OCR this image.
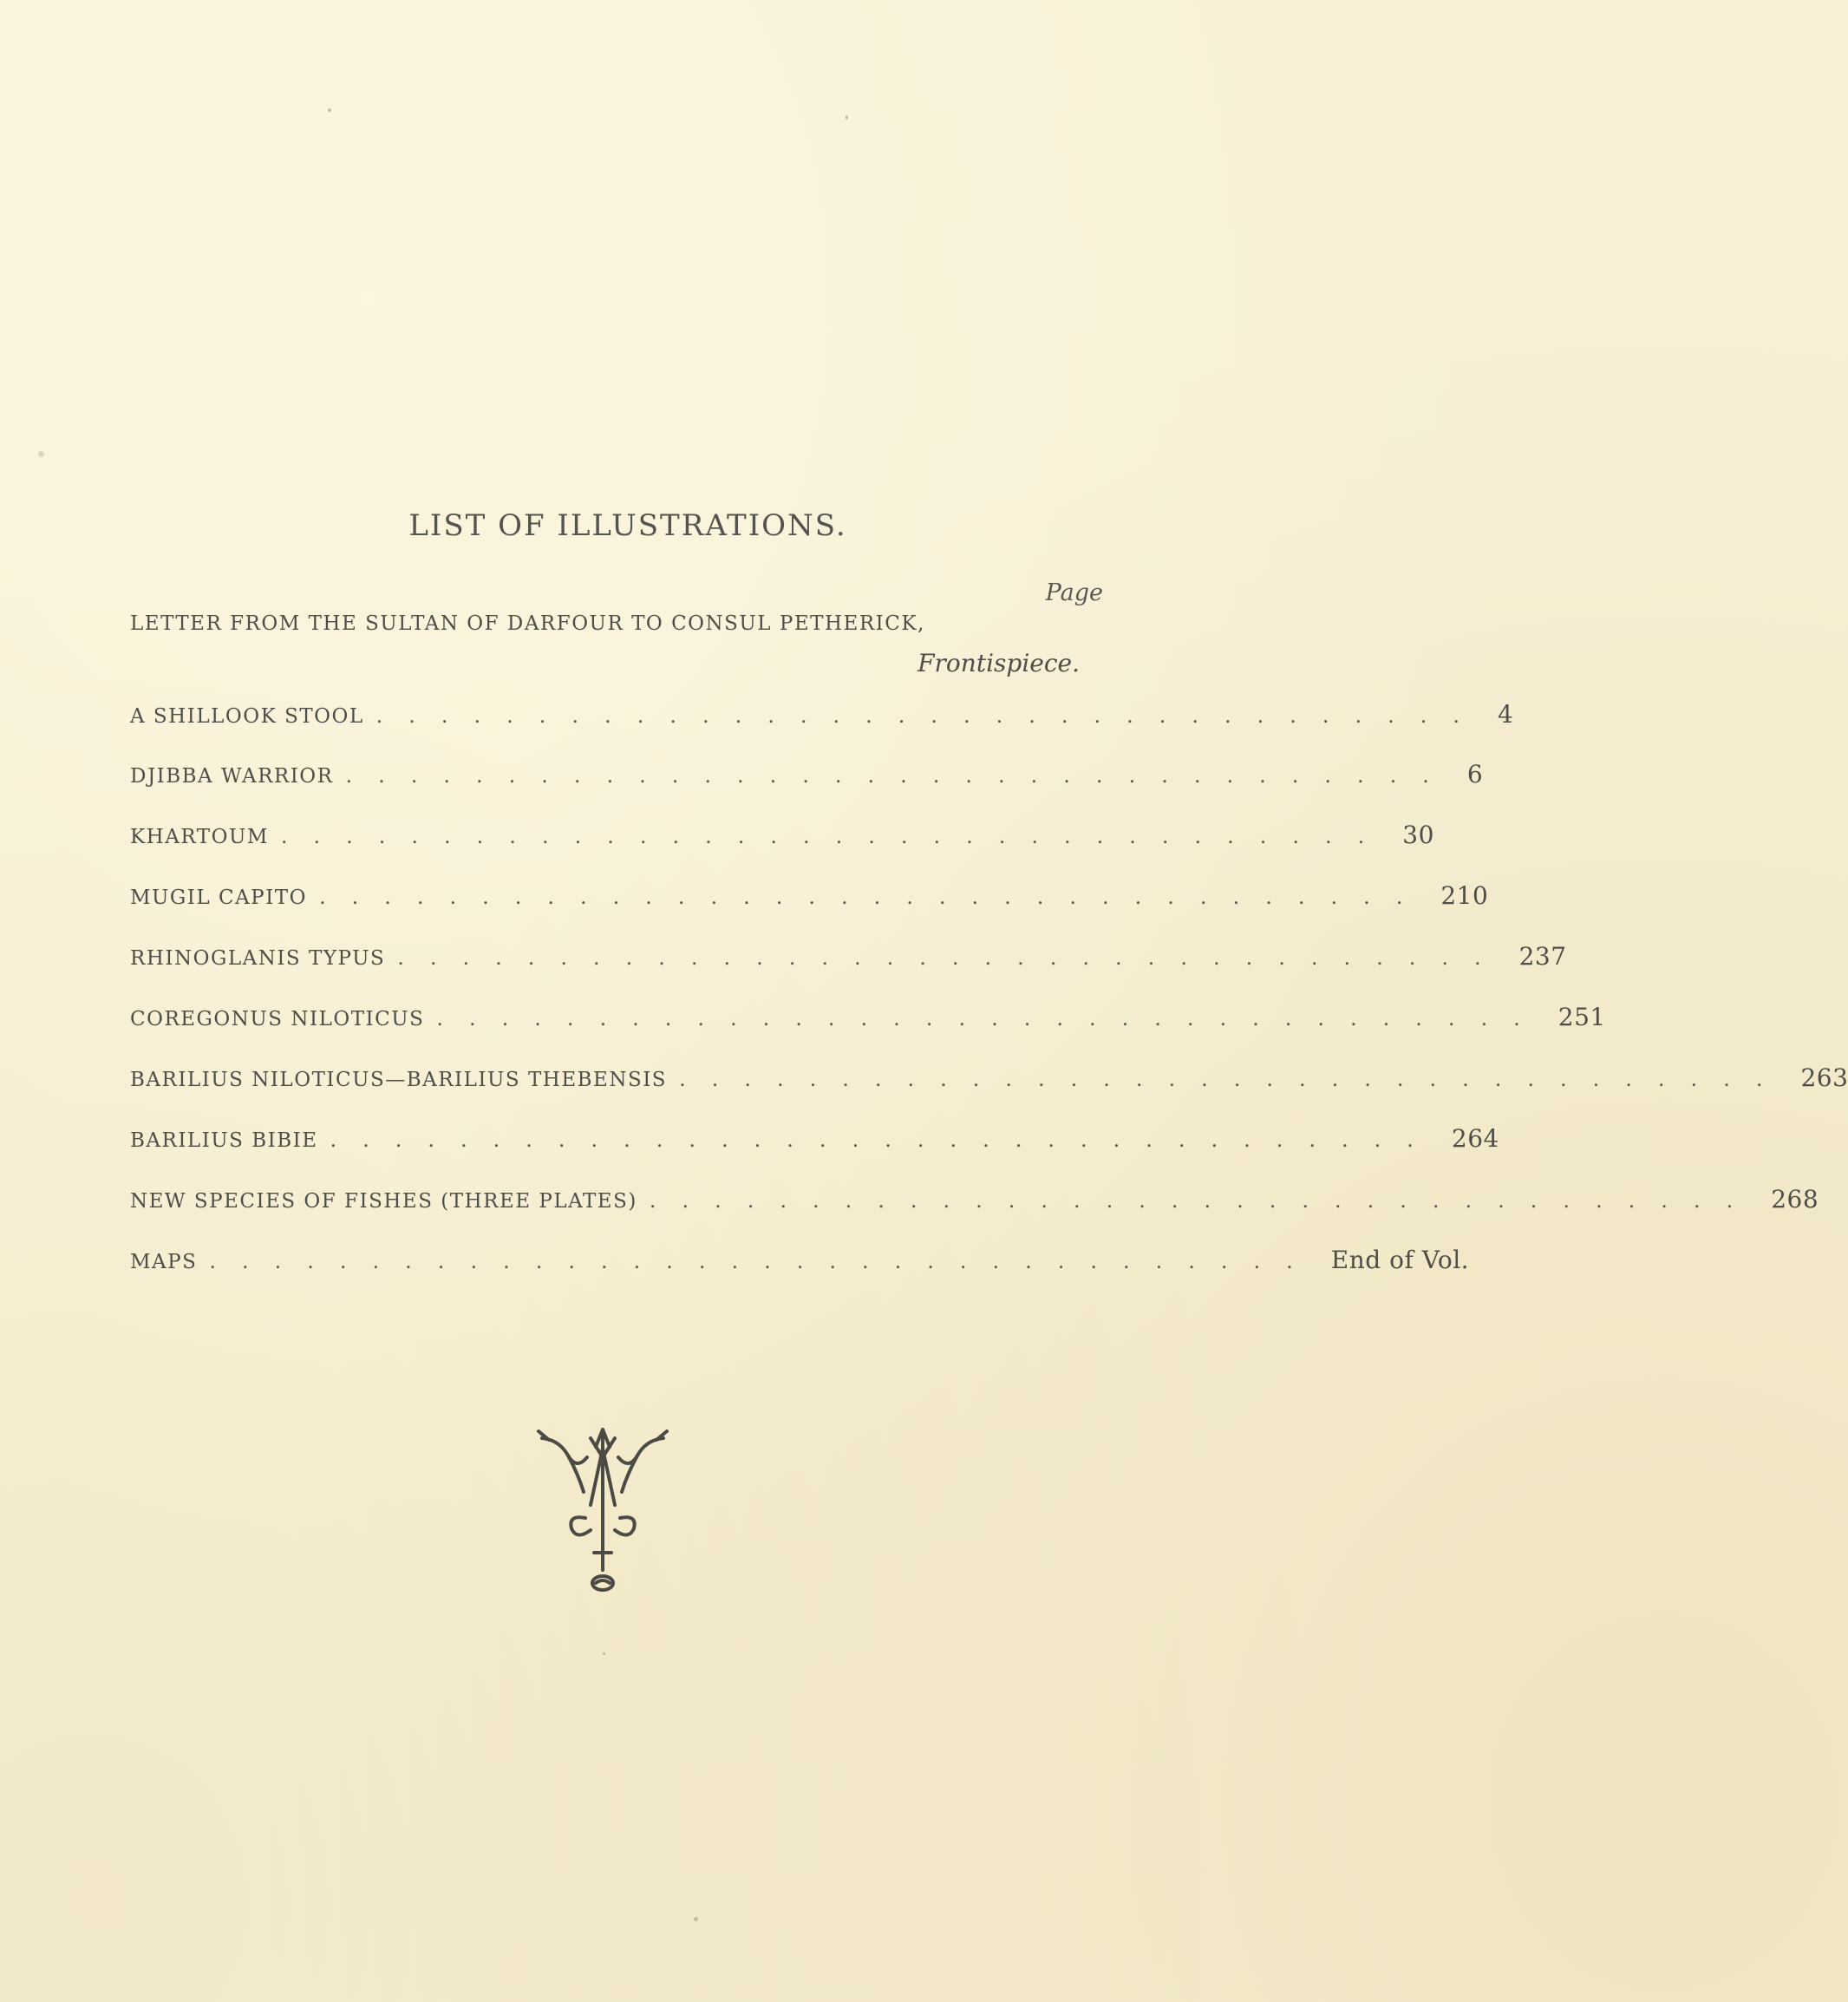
LIST OF ILLUSTRATIONS.
Page
LETTER FROM THE SULTAN OF DARFOUR TO CONSUL PETHERICK,
Frontispiece.
A SHILLOOK STOOL .................................. 4
DJIBBA WARRIOR .................................. 6
KHARTOUM .................................. 30
MUGIL CAPITO .................................. 210
RHINOGLANIS TYPUS .................................. 237
COREGONUS NILOTICUS .................................. 251
BARILIUS NILOTICUS—BARILIUS THEBENSIS .................................. 263
BARILIUS BIBIE .................................. 264
NEW SPECIES OF FISHES (THREE PLATES) .................................. 268
MAPS .................................. End of Vol.
